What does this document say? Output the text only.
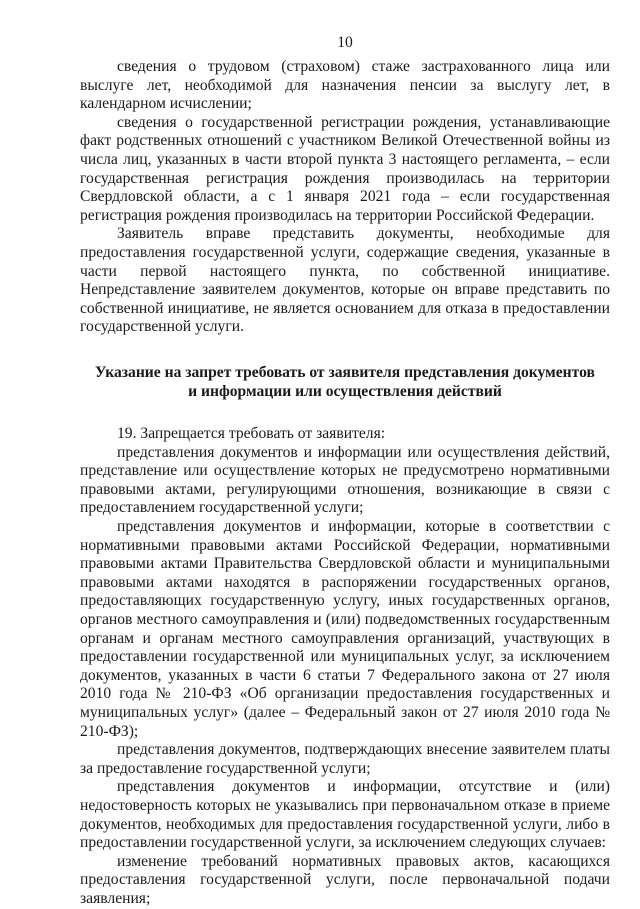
10

сведения о трудовом (страховом) стаже застрахованного лица или выслуге лет, необходимой для назначения пенсии за выслугу лет, в календарном исчислении;

сведения о государственной регистрации рождения, устанавливающие факт родственных отношений с участником Великой Отечественной войны из числа лиц, указанных в части второй пункта 3 настоящего регламента, – если государственная регистрация рождения производилась на территории Свердловской области, а с 1 января 2021 года – если государственная регистрация рождения производилась на территории Российской Федерации.

Заявитель вправе представить документы, необходимые для предоставления государственной услуги, содержащие сведения, указанные в части первой настоящего пункта, по собственной инициативе. Непредставление заявителем документов, которые он вправе представить по собственной инициативе, не является основанием для отказа в предоставлении государственной услуги.

Указание на запрет требовать от заявителя представления документов
и информации или осуществления действий

19. Запрещается требовать от заявителя:

представления документов и информации или осуществления действий, представление или осуществление которых не предусмотрено нормативными правовыми актами, регулирующими отношения, возникающие в связи с предоставлением государственной услуги;

представления документов и информации, которые в соответствии с нормативными правовыми актами Российской Федерации, нормативными правовыми актами Правительства Свердловской области и муниципальными правовыми актами находятся в распоряжении государственных органов, предоставляющих государственную услугу, иных государственных органов, органов местного самоуправления и (или) подведомственных государственным органам и органам местного самоуправления организаций, участвующих в предоставлении государственной или муниципальных услуг, за исключением документов, указанных в части 6 статьи 7 Федерального закона от 27 июля 2010 года № 210-ФЗ «Об организации предоставления государственных и муниципальных услуг» (далее – Федеральный закон от 27 июля 2010 года № 210-ФЗ);

представления документов, подтверждающих внесение заявителем платы за предоставление государственной услуги;

представления документов и информации, отсутствие и (или) недостоверность которых не указывались при первоначальном отказе в приеме документов, необходимых для предоставления государственной услуги, либо в предоставлении государственной услуги, за исключением следующих случаев:

изменение требований нормативных правовых актов, касающихся предоставления государственной услуги, после первоначальной подачи заявления;
